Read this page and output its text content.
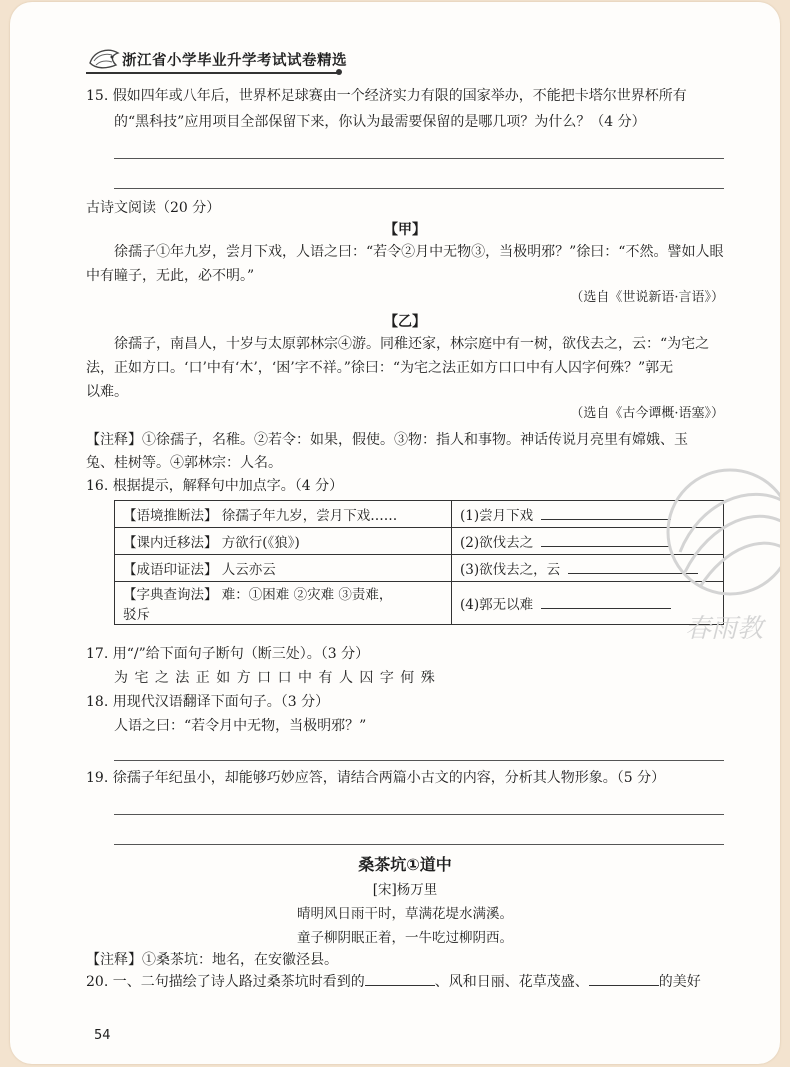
浙江省小学毕业升学考试试卷精选
15. 假如四年或八年后，世界杯足球赛由一个经济实力有限的国家举办，不能把卡塔尔世界杯所有
的“黑科技”应用项目全部保留下来，你认为最需要保留的是哪几项？为什么？（4 分）
古诗文阅读（20 分）
【甲】
徐孺子①年九岁，尝月下戏，人语之曰：“若令②月中无物③，当极明邪？”徐曰：“不然。譬如人眼
中有瞳子，无此，必不明。”
（选自《世说新语·言语》）
【乙】
徐孺子，南昌人，十岁与太原郭林宗④游。同稚还家，林宗庭中有一树，欲伐去之，云：“为宅之
法，正如方口。‘口’中有‘木’，‘困’字不祥。”徐曰：“为宅之法正如方口口中有人囚字何殊？”郭无
以难。
（选自《古今谭概·语塞》）
【注释】①徐孺子，名稚。②若令：如果，假使。③物：指人和事物。神话传说月亮里有嫦娥、玉
兔、桂树等。④郭林宗：人名。
16. 根据提示，解释句中加点字。（4 分）
【语境推断法】 徐孺子年九岁，尝月下戏……	(1)尝月下戏
【课内迁移法】 方欲行(《狼》)	(2)欲伐去之
【成语印证法】 人云亦云	(3)欲伐去之，云

【字典查询法】 难：①困难 ②灾难 ③责难，
驳斥	(4)郭无以难
17. 用“/”给下面句子断句（断三处）。（3 分）
为 宅 之 法 正 如 方 口 口 中 有 人 囚 字 何 殊
18. 用现代汉语翻译下面句子。（3 分）
人语之曰：“若令月中无物，当极明邪？”
19. 徐孺子年纪虽小，却能够巧妙应答，请结合两篇小古文的内容，分析其人物形象。（5 分）
桑茶坑①道中
[宋]杨万里
晴明风日雨干时，草满花堤水满溪。
童子柳阴眠正着，一牛吃过柳阴西。
【注释】①桑茶坑：地名，在安徽泾县。
20. 一、二句描绘了诗人路过桑茶坑时看到的	、风和日丽、花草茂盛、	的美好
春雨教
54
